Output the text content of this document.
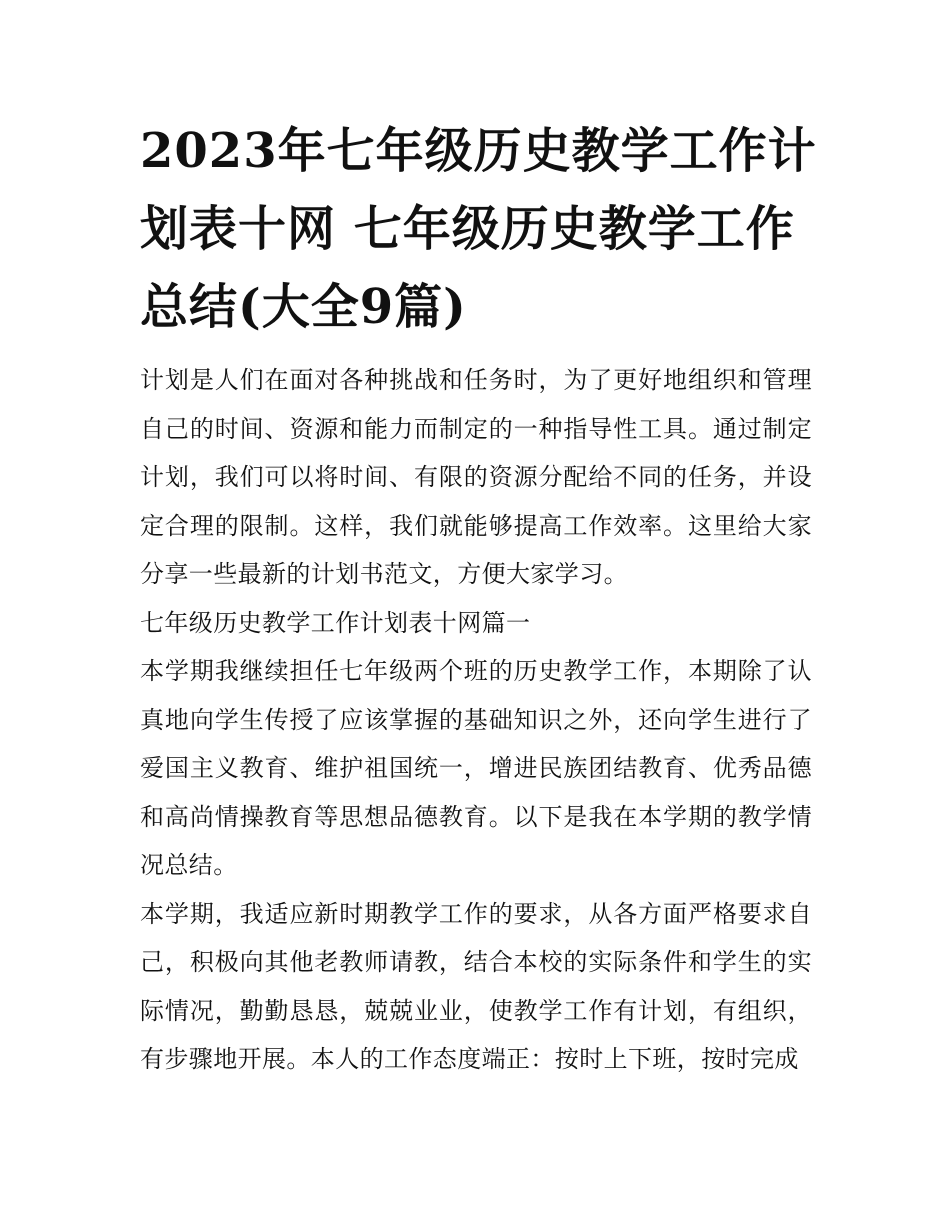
2023年七年级历史教学工作计划表十网 七年级历史教学工作总结(大全9篇)

计划是人们在面对各种挑战和任务时，为了更好地组织和管理自己的时间、资源和能力而制定的一种指导性工具。通过制定计划，我们可以将时间、有限的资源分配给不同的任务，并设定合理的限制。这样，我们就能够提高工作效率。这里给大家分享一些最新的计划书范文，方便大家学习。

七年级历史教学工作计划表十网篇一

本学期我继续担任七年级两个班的历史教学工作，本期除了认真地向学生传授了应该掌握的基础知识之外，还向学生进行了爱国主义教育、维护祖国统一，增进民族团结教育、优秀品德和高尚情操教育等思想品德教育。以下是我在本学期的教学情况总结。

本学期，我适应新时期教学工作的要求，从各方面严格要求自己，积极向其他老教师请教，结合本校的实际条件和学生的实际情况，勤勤恳恳，兢兢业业，使教学工作有计划，有组织，有步骤地开展。本人的工作态度端正：按时上下班，按时完成
